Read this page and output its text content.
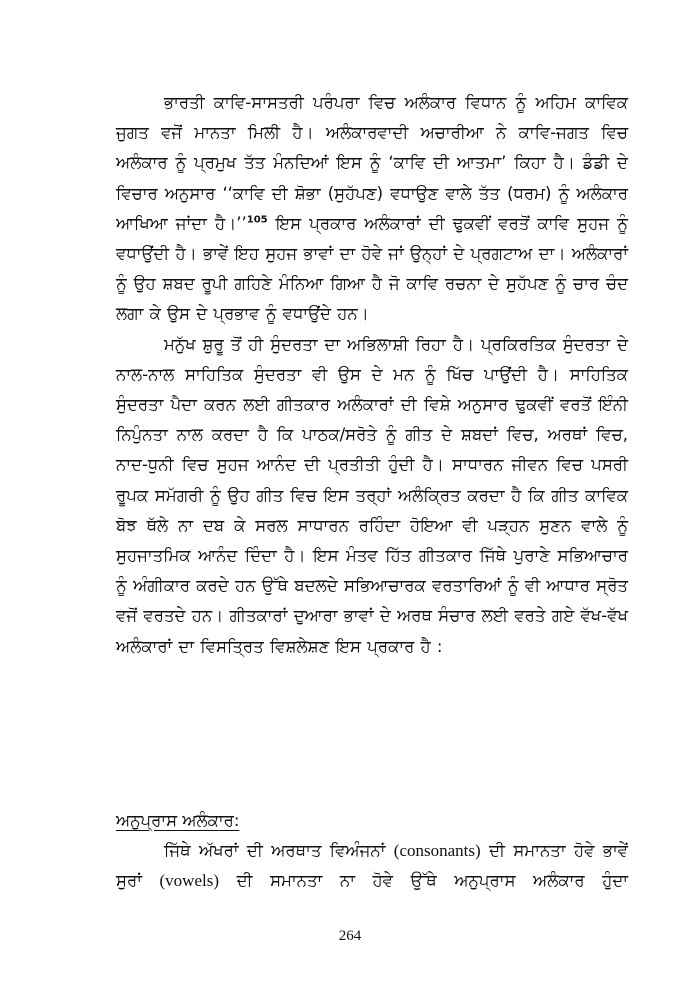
ਭਾਰਤੀ ਕਾਵਿ-ਸਾਸਤਰੀ ਪਰੰਪਰਾ ਵਿਚ ਅਲੰਕਾਰ ਵਿਧਾਨ ਨੂੰ ਅਹਿਮ ਕਾਵਿਕ ਜੁਗਤ ਵਜੋਂ ਮਾਨਤਾ ਮਿਲੀ ਹੈ। ਅਲੰਕਾਰਵਾਦੀ ਅਚਾਰੀਆ ਨੇ ਕਾਵਿ-ਜਗਤ ਵਿਚ ਅਲੰਕਾਰ ਨੂੰ ਪ੍ਰਮੁਖ ਤੱਤ ਮੰਨਦਿਆਂ ਇਸ ਨੂੰ ‘ਕਾਵਿ ਦੀ ਆਤਮਾ’ ਕਿਹਾ ਹੈ। ਡੰਡੀ ਦੇ ਵਿਚਾਰ ਅਨੁਸਾਰ ‘‘ਕਾਵਿ ਦੀ ਸ਼ੋਭਾ (ਸੁਹੱਪਣ) ਵਧਾਉਣ ਵਾਲੇ ਤੱਤ (ਧਰਮ) ਨੂੰ ਅਲੰਕਾਰ ਆਖਿਆ ਜਾਂਦਾ ਹੈ।’’$^{105}$ ਇਸ ਪ੍ਰਕਾਰ ਅਲੰਕਾਰਾਂ ਦੀ ਢੁਕਵੀਂ ਵਰਤੋਂ ਕਾਵਿ ਸੁਹਜ ਨੂੰ ਵਧਾਉਂਦੀ ਹੈ। ਭਾਵੇਂ ਇਹ ਸੁਹਜ ਭਾਵਾਂ ਦਾ ਹੋਵੇ ਜਾਂ ਉਨ੍ਹਾਂ ਦੇ ਪ੍ਰਗਟਾਅ ਦਾ। ਅਲੰਕਾਰਾਂ ਨੂੰ ਉਹ ਸ਼ਬਦ ਰੂਪੀ ਗਹਿਣੇ ਮੰਨਿਆ ਗਿਆ ਹੈ ਜੋ ਕਾਵਿ ਰਚਨਾ ਦੇ ਸੁਹੱਪਣ ਨੂੰ ਚਾਰ ਚੰਦ ਲਗਾ ਕੇ ਉਸ ਦੇ ਪ੍ਰਭਾਵ ਨੂੰ ਵਧਾਉਂਦੇ ਹਨ।

ਮਨੁੱਖ ਸ਼ੁਰੂ ਤੋਂ ਹੀ ਸੁੰਦਰਤਾ ਦਾ ਅਭਿਲਾਸ਼ੀ ਰਿਹਾ ਹੈ। ਪ੍ਰਕਿਰਤਿਕ ਸੁੰਦਰਤਾ ਦੇ ਨਾਲ-ਨਾਲ ਸਾਹਿਤਿਕ ਸੁੰਦਰਤਾ ਵੀ ਉਸ ਦੇ ਮਨ ਨੂੰ ਖਿੱਚ ਪਾਉਂਦੀ ਹੈ। ਸਾਹਿਤਿਕ ਸੁੰਦਰਤਾ ਪੈਦਾ ਕਰਨ ਲਈ ਗੀਤਕਾਰ ਅਲੰਕਾਰਾਂ ਦੀ ਵਿਸ਼ੇ ਅਨੁਸਾਰ ਢੁਕਵੀਂ ਵਰਤੋਂ ਇੰਨੀ ਨਿਪੁੰਨਤਾ ਨਾਲ ਕਰਦਾ ਹੈ ਕਿ ਪਾਠਕ/ਸਰੋਤੇ ਨੂੰ ਗੀਤ ਦੇ ਸ਼ਬਦਾਂ ਵਿਚ, ਅਰਥਾਂ ਵਿਚ, ਨਾਦ-ਧੁਨੀ ਵਿਚ ਸੁਹਜ ਆਨੰਦ ਦੀ ਪ੍ਰਤੀਤੀ ਹੁੰਦੀ ਹੈ। ਸਾਧਾਰਨ ਜੀਵਨ ਵਿਚ ਪਸਰੀ ਰੂਪਕ ਸਮੱਗਰੀ ਨੂੰ ਉਹ ਗੀਤ ਵਿਚ ਇਸ ਤਰ੍ਹਾਂ ਅਲੰਕ੍ਰਿਤ ਕਰਦਾ ਹੈ ਕਿ ਗੀਤ ਕਾਵਿਕ ਬੋਝ ਥੱਲੇ ਨਾ ਦਬ ਕੇ ਸਰਲ ਸਾਧਾਰਨ ਰਹਿੰਦਾ ਹੋਇਆ ਵੀ ਪੜ੍ਹਨ ਸੁਣਨ ਵਾਲੇ ਨੂੰ ਸੁਹਜਾਤਮਿਕ ਆਨੰਦ ਦਿੰਦਾ ਹੈ। ਇਸ ਮੰਤਵ ਹਿੱਤ ਗੀਤਕਾਰ ਜਿੱਥੇ ਪੁਰਾਣੇ ਸਭਿਆਚਾਰ ਨੂੰ ਅੰਗੀਕਾਰ ਕਰਦੇ ਹਨ ਉੱਥੇ ਬਦਲਦੇ ਸਭਿਆਚਾਰਕ ਵਰਤਾਰਿਆਂ ਨੂੰ ਵੀ ਆਧਾਰ ਸ੍ਰੋਤ ਵਜੋਂ ਵਰਤਦੇ ਹਨ। ਗੀਤਕਾਰਾਂ ਦੁਆਰਾ ਭਾਵਾਂ ਦੇ ਅਰਥ ਸੰਚਾਰ ਲਈ ਵਰਤੇ ਗਏ ਵੱਖ-ਵੱਖ ਅਲੰਕਾਰਾਂ ਦਾ ਵਿਸਤ੍ਰਿਤ ਵਿਸ਼ਲੇਸ਼ਣ ਇਸ ਪ੍ਰਕਾਰ ਹੈ :

ਅਨੁਪ੍ਰਾਸ ਅਲੰਕਾਰ:

ਜਿੱਥੇ ਅੱਖਰਾਂ ਦੀ ਅਰਥਾਤ ਵਿਅੰਜਨਾਂ (consonants) ਦੀ ਸਮਾਨਤਾ ਹੋਵੇ ਭਾਵੇਂ ਸੁਰਾਂ (vowels) ਦੀ ਸਮਾਨਤਾ ਨਾ ਹੋਵੇ ਉੱਥੇ ਅਨੁਪ੍ਰਾਸ ਅਲੰਕਾਰ ਹੁੰਦਾ

264
